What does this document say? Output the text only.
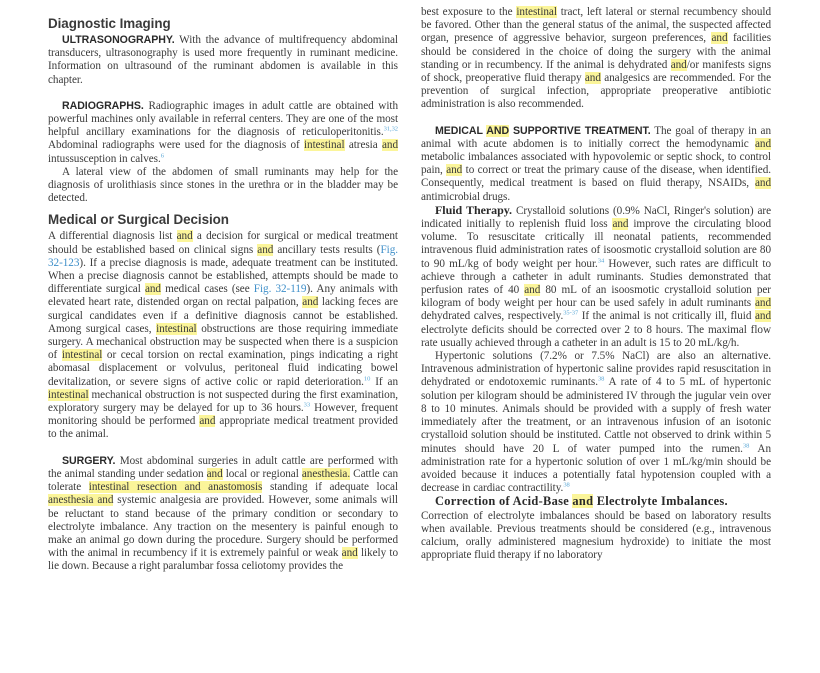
Diagnostic Imaging

ULTRASONOGRAPHY. With the advance of multifrequency abdominal transducers, ultrasonography is used more frequently in ruminant medicine. Information on ultrasound of the ruminant abdomen is available in this chapter.

RADIOGRAPHS. Radiographic images in adult cattle are obtained with powerful machines only available in referral centers. They are one of the most helpful ancillary examinations for the diagnosis of reticuloperitonitis.$^{31,32}$ Abdominal radiographs were used for the diagnosis of intestinal atresia and intussusception in calves.$^6$

A lateral view of the abdomen of small ruminants may help for the diagnosis of urolithiasis since stones in the urethra or in the bladder may be detected.

Medical or Surgical Decision

A differential diagnosis list and a decision for surgical or medical treatment should be established based on clinical signs and ancillary tests results (Fig. 32-123). If a precise diagnosis is made, adequate treatment can be instituted. When a precise diagnosis cannot be established, attempts should be made to differentiate surgical and medical cases (see Fig. 32-119). Any animals with elevated heart rate, distended organ on rectal palpation, and lacking feces are surgical candidates even if a definitive diagnosis cannot be established. Among surgical cases, intestinal obstructions are those requiring immediate surgery. A mechanical obstruction may be suspected when there is a suspicion of intestinal or cecal torsion on rectal examination, pings indicating a right abomasal displacement or volvulus, peritoneal fluid indicating bowel devitalization, or severe signs of active colic or rapid deterioration.$^{10}$ If an intestinal mechanical obstruction is not suspected during the first examination, exploratory surgery may be delayed for up to 36 hours.$^{33}$ However, frequent monitoring should be performed and appropriate medical treatment provided to the animal.

SURGERY. Most abdominal surgeries in adult cattle are performed with the animal standing under sedation and local or regional anesthesia. Cattle can tolerate intestinal resection and anastomosis standing if adequate local anesthesia and systemic analgesia are provided. However, some animals will be reluctant to stand because of the primary condition or secondary to electrolyte imbalance. Any traction on the mesentery is painful enough to make an animal go down during the procedure. Surgery should be performed with the animal in recumbency if it is extremely painful or weak and likely to lie down. Because a right paralumbar fossa celiotomy provides the

best exposure to the intestinal tract, left lateral or sternal recumbency should be favored. Other than the general status of the animal, the suspected affected organ, presence of aggressive behavior, surgeon preferences, and facilities should be considered in the choice of doing the surgery with the animal standing or in recumbency. If the animal is dehydrated and/or manifests signs of shock, preoperative fluid therapy and analgesics are recommended. For the prevention of surgical infection, appropriate preoperative antibiotic administration is also recommended.

MEDICAL AND SUPPORTIVE TREATMENT. The goal of therapy in an animal with acute abdomen is to initially correct the hemodynamic and metabolic imbalances associated with hypovolemic or septic shock, to control pain, and to correct or treat the primary cause of the disease, when identified. Consequently, medical treatment is based on fluid therapy, NSAIDs, and antimicrobial drugs.

Fluid Therapy. Crystalloid solutions (0.9% NaCl, Ringer's solution) are indicated initially to replenish fluid loss and improve the circulating blood volume. To resuscitate critically ill neonatal patients, recommended intravenous fluid administration rates of isoosmotic crystalloid solution are 80 to 90 mL/kg of body weight per hour.$^{34}$ However, such rates are difficult to achieve through a catheter in adult ruminants. Studies demonstrated that perfusion rates of 40 and 80 mL of an isoosmotic crystalloid solution per kilogram of body weight per hour can be used safely in adult ruminants and dehydrated calves, respectively.$^{35-37}$ If the animal is not critically ill, fluid and electrolyte deficits should be corrected over 2 to 8 hours. The maximal flow rate usually achieved through a catheter in an adult is 15 to 20 mL/kg/h.

Hypertonic solutions (7.2% or 7.5% NaCl) are also an alternative. Intravenous administration of hypertonic saline provides rapid resuscitation in dehydrated or endotoxemic ruminants.$^{38}$ A rate of 4 to 5 mL of hypertonic solution per kilogram should be administered IV through the jugular vein over 8 to 10 minutes. Animals should be provided with a supply of fresh water immediately after the treatment, or an intravenous infusion of an isotonic crystalloid solution should be instituted. Cattle not observed to drink within 5 minutes should have 20 L of water pumped into the rumen.$^{38}$ An administration rate for a hypertonic solution of over 1 mL/kg/min should be avoided because it induces a potentially fatal hypotension coupled with a decrease in cardiac contractility.$^{38}$

Correction of Acid-Base and Electrolyte Imbalances.

Correction of electrolyte imbalances should be based on laboratory results when available. Previous treatments should be considered (e.g., intravenous calcium, orally administered magnesium hydroxide) to initiate the most appropriate fluid therapy if no laboratory
